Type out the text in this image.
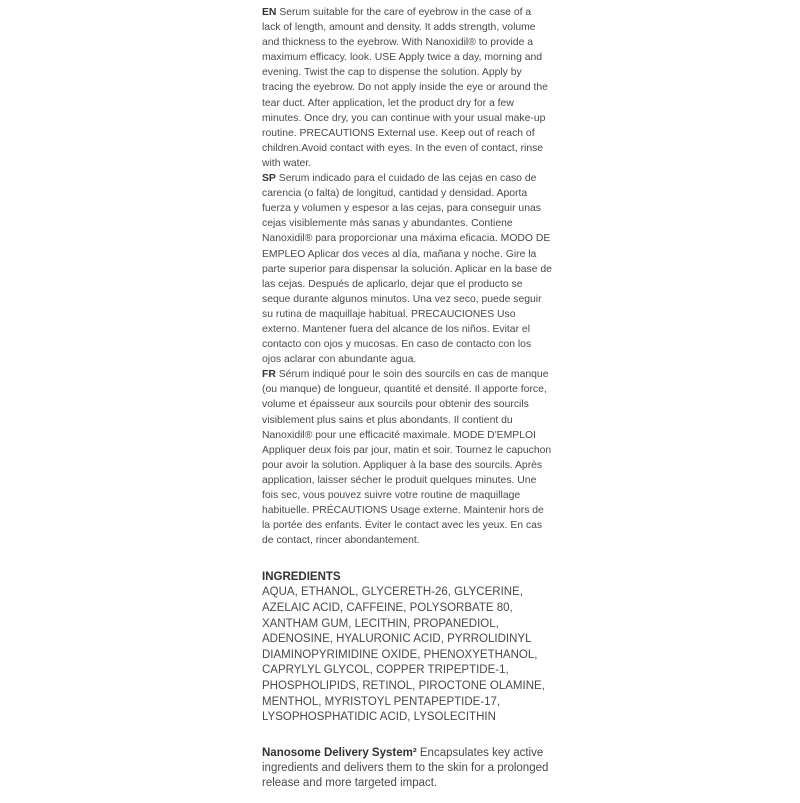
EN Serum suitable for the care of eyebrow in the case of a lack of length, amount and density. It adds strength, volume and thickness to the eyebrow. With Nanoxidil® to provide a maximum efficacy. look. USE Apply twice a day, morning and evening. Twist the cap to dispense the solution. Apply by tracing the eyebrow. Do not apply inside the eye or around the tear duct. After application, let the product dry for a few minutes. Once dry, you can continue with your usual make-up routine. PRECAUTIONS External use. Keep out of reach of children.Avoid contact with eyes. In the even of contact, rinse with water.

SP Serum indicado para el cuidado de las cejas en caso de carencia (o falta) de longitud, cantidad y densidad. Aporta fuerza y volumen y espesor a las cejas, para conseguir unas cejas visiblemente más sanas y abundantes. Contiene Nanoxidil® para proporcionar una máxima eficacia. MODO DE EMPLEO Aplicar dos veces al día, mañana y noche. Gire la parte superior para dispensar la solución. Aplicar en la base de las cejas. Después de aplicarlo, dejar que el producto se seque durante algunos minutos. Una vez seco, puede seguir su rutina de maquillaje habitual. PRECAUCIONES Uso externo. Mantener fuera del alcance de los niños. Evitar el contacto con ojos y mucosas. En caso de contacto con los ojos aclarar con abundante agua.

FR Sérum indiqué pour le soin des sourcils en cas de manque (ou manque) de longueur, quantité et densité. Il apporte force, volume et épaisseur aux sourcils pour obtenir des sourcils visiblement plus sains et plus abondants. Il contient du Nanoxidil® pour une efficacité maximale. MODE D'EMPLOI Appliquer deux fois par jour, matin et soir. Tournez le capuchon pour avoir la solution. Appliquer à la base des sourcils. Après application, laisser sécher le produit quelques minutes. Une fois sec, vous pouvez suivre votre routine de maquillage habituelle. PRÉCAUTIONS Usage externe. Maintenir hors de la portée des enfants. Éviter le contact avec les yeux. En cas de contact, rincer abondantement.

INGREDIENTS

AQUA, ETHANOL, GLYCERETH-26, GLYCERINE, AZELAIC ACID, CAFFEINE, POLYSORBATE 80, XANTHAM GUM, LECITHIN, PROPANEDIOL, ADENOSINE, HYALURONIC ACID, PYRROLIDINYL DIAMINOPYRIMIDINE OXIDE, PHENOXYETHANOL, CAPRYLYL GLYCOL, COPPER TRIPEPTIDE-1, PHOSPHOLIPIDS, RETINOL, PIROCTONE OLAMINE, MENTHOL, MYRISTOYL PENTAPEPTIDE-17, LYSOPHOSPHATIDIC ACID, LYSOLECITHIN

Nanosome Delivery System² Encapsulates key active ingredients and delivers them to the skin for a prolonged release and more targeted impact.
